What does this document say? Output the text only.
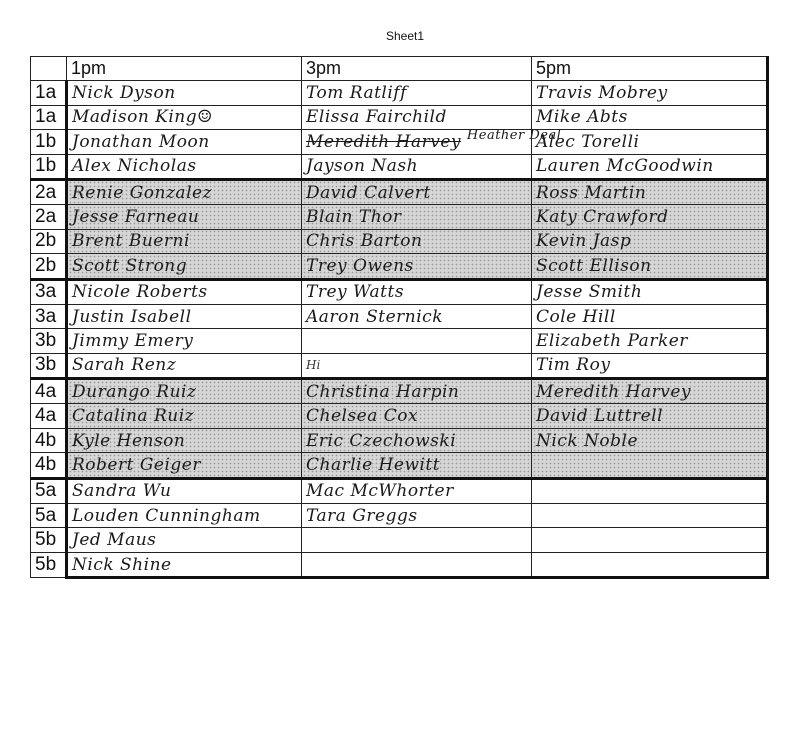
Sheet1
	1pm	3pm	5pm
1a	Nick Dyson	Tom Ratliff	Travis Mobrey
1a	Madison King☺	Elissa Fairchild	Mike Abts
1b	Jonathan Moon	Meredith Harvey Heather Deal	Alec Torelli
1b	Alex Nicholas	Jayson Nash	Lauren McGoodwin
2a	Renie Gonzalez	David Calvert	Ross Martin
2a	Jesse Farneau	Blain Thor	Katy Crawford
2b	Brent Buerni	Chris Barton	Kevin Jasp
2b	Scott Strong	Trey Owens	Scott Ellison
3a	Nicole Roberts	Trey Watts	Jesse Smith
3a	Justin Isabell	Aaron Sternick	Cole Hill
3b	Jimmy Emery		Elizabeth Parker
3b	Sarah Renz	Hi	Tim Roy
4a	Durango Ruiz	Christina Harpin	Meredith Harvey
4a	Catalina Ruiz	Chelsea Cox	David Luttrell
4b	Kyle Henson	Eric Czechowski	Nick Noble
4b	Robert Geiger	Charlie Hewitt	
5a	Sandra Wu	Mac McWhorter	
5a	Louden Cunningham	Tara Greggs	
5b	Jed Maus		
5b	Nick Shine		
